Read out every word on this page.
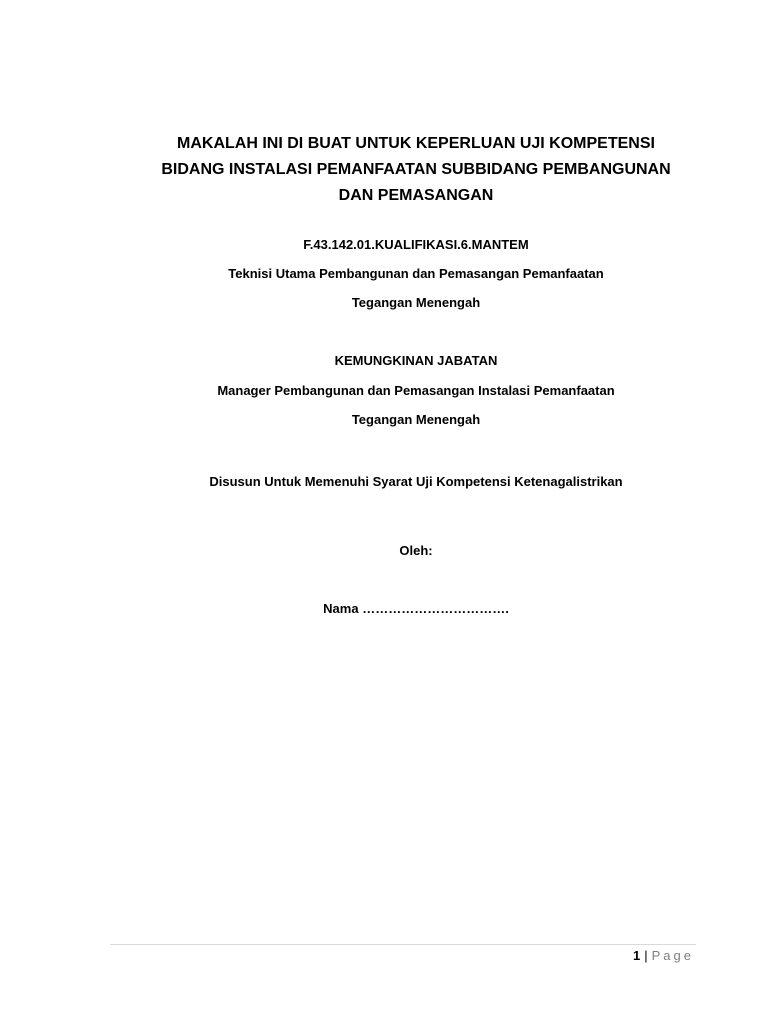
MAKALAH INI DI BUAT UNTUK KEPERLUAN UJI KOMPETENSI BIDANG INSTALASI PEMANFAATAN SUBBIDANG PEMBANGUNAN DAN PEMASANGAN
F.43.142.01.KUALIFIKASI.6.MANTEM
Teknisi Utama Pembangunan dan Pemasangan Pemanfaatan
Tegangan Menengah
KEMUNGKINAN JABATAN
Manager Pembangunan dan Pemasangan Instalasi Pemanfaatan
Tegangan Menengah
Disusun Untuk Memenuhi Syarat Uji Kompetensi Ketenagalistrikan
Oleh:
Nama …………………………….
1 | Page
